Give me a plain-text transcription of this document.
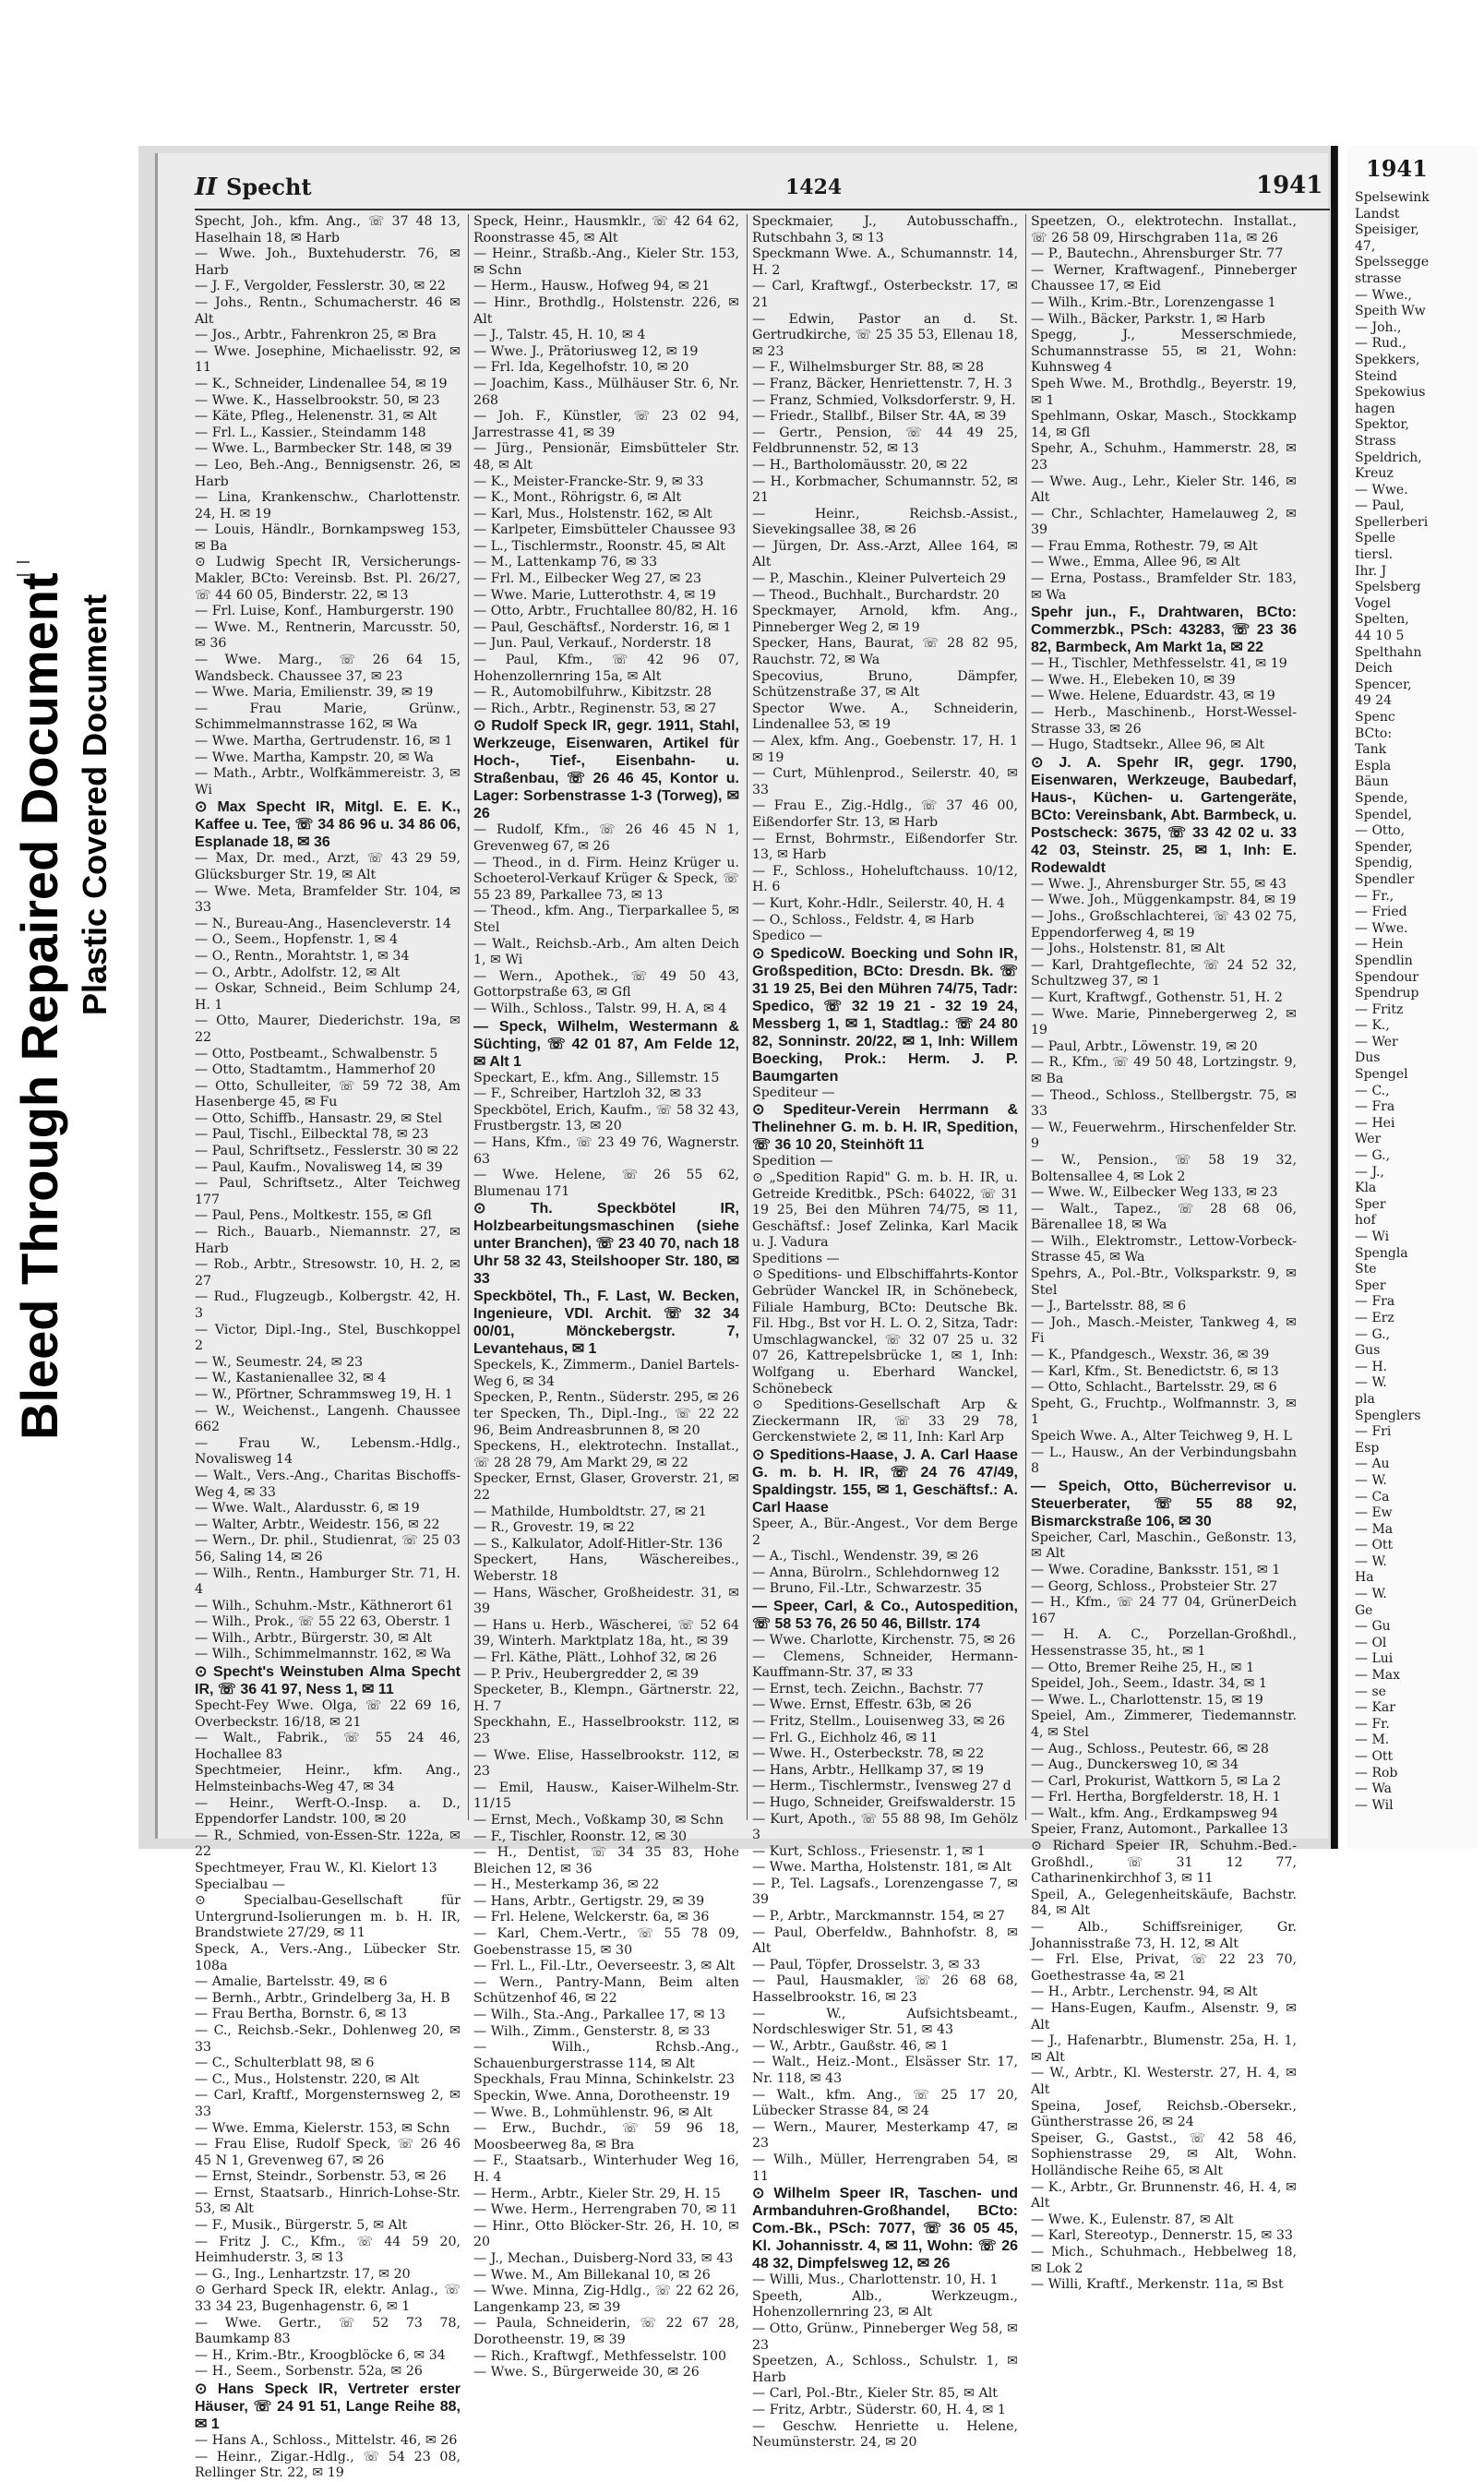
Bleed Through Repaired Document Plastic Covered Document
II Specht	1424	1941

Specht, Joh., kfm. Ang., ☏ 37 48 13, Haselhain 18, ✉ Harb

— Wwe. Joh., Buxtehuderstr. 76, ✉ Harb

— J. F., Vergolder, Fesslerstr. 30, ✉ 22

— Johs., Rentn., Schumacherstr. 46 ✉ Alt

— Jos., Arbtr., Fahrenkron 25, ✉ Bra

— Wwe. Josephine, Michaelisstr. 92, ✉ 11

— K., Schneider, Lindenallee 54, ✉ 19

— Wwe. K., Hasselbrookstr. 50, ✉ 23

— Käte, Pfleg., Helenenstr. 31, ✉ Alt

— Frl. L., Kassier., Steindamm 148

— Wwe. L., Barmbecker Str. 148, ✉ 39

— Leo, Beh.-Ang., Bennigsenstr. 26, ✉ Harb

— Lina, Krankenschw., Charlottenstr. 24, H. ✉ 19

— Louis, Händlr., Bornkampsweg 153, ✉ Ba

⊙ Ludwig Specht IR, Versicherungs-Makler, BCto: Vereinsb. Bst. Pl. 26/27, ☏ 44 60 05, Binderstr. 22, ✉ 13

— Frl. Luise, Konf., Hamburgerstr. 190

— Wwe. M., Rentnerin, Marcusstr. 50, ✉ 36

— Wwe. Marg., ☏ 26 64 15, Wandsbeck. Chaussee 37, ✉ 23

— Wwe. Maria, Emilienstr. 39, ✉ 19

— Frau Marie, Grünw., Schimmelmannstrasse 162, ✉ Wa

— Wwe. Martha, Gertrudenstr. 16, ✉ 1

— Wwe. Martha, Kampstr. 20, ✉ Wa

— Math., Arbtr., Wolfkämmereistr. 3, ✉ Wi

⊙ Max Specht IR, Mitgl. E. E. K., Kaffee u. Tee, ☏ 34 86 96 u. 34 86 06, Esplanade 18, ✉ 36

— Max, Dr. med., Arzt, ☏ 43 29 59, Glücksburger Str. 19, ✉ Alt

— Wwe. Meta, Bramfelder Str. 104, ✉ 33

— N., Bureau-Ang., Hasencleverstr. 14

— O., Seem., Hopfenstr. 1, ✉ 4

— O., Rentn., Morahtstr. 1, ✉ 34

— O., Arbtr., Adolfstr. 12, ✉ Alt

— Oskar, Schneid., Beim Schlump 24, H. 1

— Otto, Maurer, Diederichstr. 19a, ✉ 22

— Otto, Postbeamt., Schwalbenstr. 5

— Otto, Stadtamtm., Hammerhof 20

— Otto, Schulleiter, ☏ 59 72 38, Am Hasenberge 45, ✉ Fu

— Otto, Schiffb., Hansastr. 29, ✉ Stel

— Paul, Tischl., Eilbecktal 78, ✉ 23

— Paul, Schriftsetz., Fesslerstr. 30 ✉ 22

— Paul, Kaufm., Novalisweg 14, ✉ 39

— Paul, Schriftsetz., Alter Teichweg 177

— Paul, Pens., Moltkestr. 155, ✉ Gfl

— Rich., Bauarb., Niemannstr. 27, ✉ Harb

— Rob., Arbtr., Stresowstr. 10, H. 2, ✉ 27

— Rud., Flugzeugb., Kolbergstr. 42, H. 3

— Victor, Dipl.-Ing., Stel, Buschkoppel 2

— W., Seumestr. 24, ✉ 23

— W., Kastanienallee 32, ✉ 4

— W., Pförtner, Schrammsweg 19, H. 1

— W., Weichenst., Langenh. Chaussee 662

— Frau W., Lebensm.-Hdlg., Novalisweg 14

— Walt., Vers.-Ang., Charitas Bischoffs-Weg 4, ✉ 33

— Wwe. Walt., Alardusstr. 6, ✉ 19

— Walter, Arbtr., Weidestr. 156, ✉ 22

— Wern., Dr. phil., Studienrat, ☏ 25 03 56, Saling 14, ✉ 26

— Wilh., Rentn., Hamburger Str. 71, H. 4

— Wilh., Schuhm.-Mstr., Käthnerort 61

— Wilh., Prok., ☏ 55 22 63, Oberstr. 1

— Wilh., Arbtr., Bürgerstr. 30, ✉ Alt

— Wilh., Schimmelmannstr. 162, ✉ Wa

⊙ Specht's Weinstuben Alma Specht IR, ☏ 36 41 97, Ness 1, ✉ 11

Specht-Fey Wwe. Olga, ☏ 22 69 16, Overbeckstr. 16/18, ✉ 21

— Walt., Fabrik., ☏ 55 24 46, Hochallee 83

Spechtmeier, Heinr., kfm. Ang., Helmsteinbachs-Weg 47, ✉ 34

— Heinr., Werft-O.-Insp. a. D., Eppendorfer Landstr. 100, ✉ 20

— R., Schmied, von-Essen-Str. 122a, ✉ 22

Spechtmeyer, Frau W., Kl. Kielort 13

Specialbau —

⊙ Specialbau-Gesellschaft für Untergrund-Isolierungen m. b. H. IR, Brandstwiete 27/29, ✉ 11

Speck, A., Vers.-Ang., Lübecker Str. 108a

— Amalie, Bartelsstr. 49, ✉ 6

— Bernh., Arbtr., Grindelberg 3a, H. B

— Frau Bertha, Bornstr. 6, ✉ 13

— C., Reichsb.-Sekr., Dohlenweg 20, ✉ 33

— C., Schulterblatt 98, ✉ 6

— C., Mus., Holstenstr. 220, ✉ Alt

— Carl, Kraftf., Morgensternsweg 2, ✉ 33

— Wwe. Emma, Kielerstr. 153, ✉ Schn

— Frau Elise, Rudolf Speck, ☏ 26 46 45 N 1, Grevenweg 67, ✉ 26

— Ernst, Steindr., Sorbenstr. 53, ✉ 26

— Ernst, Staatsarb., Hinrich-Lohse-Str. 53, ✉ Alt

— F., Musik., Bürgerstr. 5, ✉ Alt

— Fritz J. C., Kfm., ☏ 44 59 20, Heimhuderstr. 3, ✉ 13

— G., Ing., Lenhartzstr. 17, ✉ 20

⊙ Gerhard Speck IR, elektr. Anlag., ☏ 33 34 23, Bugenhagenstr. 6, ✉ 1

— Wwe. Gertr., ☏ 52 73 78, Baumkamp 83

— H., Krim.-Btr., Kroogblöcke 6, ✉ 34

— H., Seem., Sorbenstr. 52a, ✉ 26

⊙ Hans Speck IR, Vertreter erster Häuser, ☏ 24 91 51, Lange Reihe 88, ✉ 1

— Hans A., Schloss., Mittelstr. 46, ✉ 26

— Heinr., Zigar.-Hdlg., ☏ 54 23 08, Rellinger Str. 22, ✉ 19

Speck, Heinr., Hausmklr., ☏ 42 64 62, Roonstrasse 45, ✉ Alt

— Heinr., Straßb.-Ang., Kieler Str. 153, ✉ Schn

— Herm., Hausw., Hofweg 94, ✉ 21

— Hinr., Brothdlg., Holstenstr. 226, ✉ Alt

— J., Talstr. 45, H. 10, ✉ 4

— Wwe. J., Prätoriusweg 12, ✉ 19

— Frl. Ida, Kegelhofstr. 10, ✉ 20

— Joachim, Kass., Mülhäuser Str. 6, Nr. 268

— Joh. F., Künstler, ☏ 23 02 94, Jarrestrasse 41, ✉ 39

— Jürg., Pensionär, Eimsbütteler Str. 48, ✉ Alt

— K., Meister-Francke-Str. 9, ✉ 33

— K., Mont., Röhrigstr. 6, ✉ Alt

— Karl, Mus., Holstenstr. 162, ✉ Alt

— Karlpeter, Eimsbütteler Chaussee 93

— L., Tischlermstr., Roonstr. 45, ✉ Alt

— M., Lattenkamp 76, ✉ 33

— Frl. M., Eilbecker Weg 27, ✉ 23

— Wwe. Marie, Lutterothstr. 4, ✉ 19

— Otto, Arbtr., Fruchtallee 80/82, H. 16

— Paul, Geschäftsf., Norderstr. 16, ✉ 1

— Jun. Paul, Verkauf., Norderstr. 18

— Paul, Kfm., ☏ 42 96 07, Hohenzollernring 15a, ✉ Alt

— R., Automobilfuhrw., Kibitzstr. 28

— Rich., Arbtr., Reginenstr. 53, ✉ 27

⊙ Rudolf Speck IR, gegr. 1911, Stahl, Werkzeuge, Eisenwaren, Artikel für Hoch-, Tief-, Eisenbahn- u. Straßenbau, ☏ 26 46 45, Kontor u. Lager: Sorbenstrasse 1-3 (Torweg), ✉ 26

— Rudolf, Kfm., ☏ 26 46 45 N 1, Grevenweg 67, ✉ 26

— Theod., in d. Firm. Heinz Krüger u. Schoeterol-Verkauf Krüger & Speck, ☏ 55 23 89, Parkallee 73, ✉ 13

— Theod., kfm. Ang., Tierparkallee 5, ✉ Stel

— Walt., Reichsb.-Arb., Am alten Deich 1, ✉ Wi

— Wern., Apothek., ☏ 49 50 43, Gottorpstraße 63, ✉ Gfl

— Wilh., Schloss., Talstr. 99, H. A, ✉ 4

— Speck, Wilhelm, Westermann & Süchting, ☏ 42 01 87, Am Felde 12, ✉ Alt 1

Speckart, E., kfm. Ang., Sillemstr. 15

— F., Schreiber, Hartzloh 32, ✉ 33

Speckbötel, Erich, Kaufm., ☏ 58 32 43, Frustbergstr. 13, ✉ 20

— Hans, Kfm., ☏ 23 49 76, Wagnerstr. 63

— Wwe. Helene, ☏ 26 55 62, Blumenau 171

⊙ Th. Speckbötel IR, Holzbearbeitungsmaschinen (siehe unter Branchen), ☏ 23 40 70, nach 18 Uhr 58 32 43, Steilshooper Str. 180, ✉ 33

Speckbötel, Th., F. Last, W. Becken, Ingenieure, VDI. Archit. ☏ 32 34 00/01, Mönckebergstr. 7, Levantehaus, ✉ 1

Speckels, K., Zimmerm., Daniel Bartels-Weg 6, ✉ 34

Specken, P., Rentn., Süderstr. 295, ✉ 26

ter Specken, Th., Dipl.-Ing., ☏ 22 22 96, Beim Andreasbrunnen 8, ✉ 20

Speckens, H., elektrotechn. Installat., ☏ 28 28 79, Am Markt 29, ✉ 22

Specker, Ernst, Glaser, Groverstr. 21, ✉ 22

— Mathilde, Humboldtstr. 27, ✉ 21

— R., Grovestr. 19, ✉ 22

— S., Kalkulator, Adolf-Hitler-Str. 136

Speckert, Hans, Wäschereibes., Weberstr. 18

— Hans, Wäscher, Großheidestr. 31, ✉ 39

— Hans u. Herb., Wäscherei, ☏ 52 64 39, Winterh. Marktplatz 18a, ht., ✉ 39

— Frl. Käthe, Plätt., Lohhof 32, ✉ 26

— P. Priv., Heubergredder 2, ✉ 39

Specketer, B., Klempn., Gärtnerstr. 22, H. 7

Speckhahn, E., Hasselbrookstr. 112, ✉ 23

— Wwe. Elise, Hasselbrookstr. 112, ✉ 23

— Emil, Hausw., Kaiser-Wilhelm-Str. 11/15

— Ernst, Mech., Voßkamp 30, ✉ Schn

— F., Tischler, Roonstr. 12, ✉ 30

— H., Dentist, ☏ 34 35 83, Hohe Bleichen 12, ✉ 36

— H., Mesterkamp 36, ✉ 22

— Hans, Arbtr., Gertigstr. 29, ✉ 39

— Frl. Helene, Welckerstr. 6a, ✉ 36

— Karl, Chem.-Vertr., ☏ 55 78 09, Goebenstrasse 15, ✉ 30

— Frl. L., Fil.-Ltr., Oeverseestr. 3, ✉ Alt

— Wern., Pantry-Mann, Beim alten Schützenhof 46, ✉ 22

— Wilh., Sta.-Ang., Parkallee 17, ✉ 13

— Wilh., Zimm., Gensterstr. 8, ✉ 33

— Wilh., Rchsb.-Ang., Schauenburgerstrasse 114, ✉ Alt

Speckhals, Frau Minna, Schinkelstr. 23

Speckin, Wwe. Anna, Dorotheenstr. 19

— Wwe. B., Lohmühlenstr. 96, ✉ Alt

— Erw., Buchdr., ☏ 59 96 18, Moosbeerweg 8a, ✉ Bra

— F., Staatsarb., Winterhuder Weg 16, H. 4

— Herm., Arbtr., Kieler Str. 29, H. 15

— Wwe. Herm., Herrengraben 70, ✉ 11

— Hinr., Otto Blöcker-Str. 26, H. 10, ✉ 20

— J., Mechan., Duisberg-Nord 33, ✉ 43

— Wwe. M., Am Billekanal 10, ✉ 26

— Wwe. Minna, Zig-Hdlg., ☏ 22 62 26, Langenkamp 23, ✉ 39

— Paula, Schneiderin, ☏ 22 67 28, Dorotheenstr. 19, ✉ 39

— Rich., Kraftwgf., Methfesselstr. 100

— Wwe. S., Bürgerweide 30, ✉ 26

Speckmaier, J., Autobusschaffn., Rutschbahn 3, ✉ 13

Speckmann Wwe. A., Schumannstr. 14, H. 2

— Carl, Kraftwgf., Osterbeckstr. 17, ✉ 21

— Edwin, Pastor an d. St. Gertrudkirche, ☏ 25 35 53, Ellenau 18, ✉ 23

— F., Wilhelmsburger Str. 88, ✉ 28

— Franz, Bäcker, Henriettenstr. 7, H. 3

— Franz, Schmied, Volksdorferstr. 9, H.

— Friedr., Stallbf., Bilser Str. 4A, ✉ 39

— Gertr., Pension, ☏ 44 49 25, Feldbrunnenstr. 52, ✉ 13

— H., Bartholomäusstr. 20, ✉ 22

— H., Korbmacher, Schumannstr. 52, ✉ 21

— Heinr., Reichsb.-Assist., Sievekingsallee 38, ✉ 26

— Jürgen, Dr. Ass.-Arzt, Allee 164, ✉ Alt

— P., Maschin., Kleiner Pulverteich 29

— Theod., Buchhalt., Burchardstr. 20

Speckmayer, Arnold, kfm. Ang., Pinneberger Weg 2, ✉ 19

Specker, Hans, Baurat, ☏ 28 82 95, Rauchstr. 72, ✉ Wa

Specovius, Bruno, Dämpfer, Schützenstraße 37, ✉ Alt

Spector Wwe. A., Schneiderin, Lindenallee 53, ✉ 19

— Alex, kfm. Ang., Goebenstr. 17, H. 1 ✉ 19

— Curt, Mühlenprod., Seilerstr. 40, ✉ 33

— Frau E., Zig.-Hdlg., ☏ 37 46 00, Eißendorfer Str. 13, ✉ Harb

— Ernst, Bohrmstr., Eißendorfer Str. 13, ✉ Harb

— F., Schloss., Hoheluftchauss. 10/12, H. 6

— Kurt, Kohr.-Hdlr., Seilerstr. 40, H. 4

— O., Schloss., Feldstr. 4, ✉ Harb

Spedico —

⊙ SpedicoW. Boecking und Sohn IR, Großspedition, BCto: Dresdn. Bk. ☏ 31 19 25, Bei den Mühren 74/75, Tadr: Spedico, ☏ 32 19 21 - 32 19 24, Messberg 1, ✉ 1, Stadtlag.: ☏ 24 80 82, Sonninstr. 20/22, ✉ 1, Inh: Willem Boecking, Prok.: Herm. J. P. Baumgarten

Spediteur —

⊙ Spediteur-Verein Herrmann & Thelinehner G. m. b. H. IR, Spedition, ☏ 36 10 20, Steinhöft 11

Spedition —

⊙ „Spedition Rapid" G. m. b. H. IR, u. Getreide Kreditbk., PSch: 64022, ☏ 31 19 25, Bei den Mühren 74/75, ✉ 11, Geschäftsf.: Josef Zelinka, Karl Macik u. J. Vadura

Speditions —

⊙ Speditions- und Elbschiffahrts-Kontor Gebrüder Wanckel IR, in Schönebeck, Filiale Hamburg, BCto: Deutsche Bk. Fil. Hbg., Bst vor H. L. O. 2, Sitza, Tadr: Umschlagwanckel, ☏ 32 07 25 u. 32 07 26, Kattrepelsbrücke 1, ✉ 1, Inh: Wolfgang u. Eberhard Wanckel, Schönebeck

⊙ Speditions-Gesellschaft Arp & Zieckermann IR, ☏ 33 29 78, Gerckenstwiete 2, ✉ 11, Inh: Karl Arp

⊙ Speditions-Haase, J. A. Carl Haase G. m. b. H. IR, ☏ 24 76 47/49, Spaldingstr. 155, ✉ 1, Geschäftsf.: A. Carl Haase

Speer, A., Bür.-Angest., Vor dem Berge 2

— A., Tischl., Wendenstr. 39, ✉ 26

— Anna, Bürolrn., Schlehdornweg 12

— Bruno, Fil.-Ltr., Schwarzestr. 35

— Speer, Carl, & Co., Autospedition, ☏ 58 53 76, 26 50 46, Billstr. 174

— Wwe. Charlotte, Kirchenstr. 75, ✉ 26

— Clemens, Schneider, Hermann-Kauffmann-Str. 37, ✉ 33

— Ernst, tech. Zeichn., Bachstr. 77

— Wwe. Ernst, Effestr. 63b, ✉ 26

— Fritz, Stellm., Louisenweg 33, ✉ 26

— Frl. G., Eichholz 46, ✉ 11

— Wwe. H., Osterbeckstr. 78, ✉ 22

— Hans, Arbtr., Hellkamp 37, ✉ 19

— Herm., Tischlermstr., Ivensweg 27 d

— Hugo, Schneider, Greifswalderstr. 15

— Kurt, Apoth., ☏ 55 88 98, Im Gehölz 3

— Kurt, Schloss., Friesenstr. 1, ✉ 1

— Wwe. Martha, Holstenstr. 181, ✉ Alt

— P., Tel. Lagsafs., Lorenzengasse 7, ✉ 39

— P., Arbtr., Marckmannstr. 154, ✉ 27

— Paul, Oberfeldw., Bahnhofstr. 8, ✉ Alt

— Paul, Töpfer, Drosselstr. 3, ✉ 33

— Paul, Hausmakler, ☏ 26 68 68, Hasselbrookstr. 16, ✉ 23

— W., Aufsichtsbeamt., Nordschleswiger Str. 51, ✉ 43

— W., Arbtr., Gaußstr. 46, ✉ 1

— Walt., Heiz.-Mont., Elsässer Str. 17, Nr. 118, ✉ 43

— Walt., kfm. Ang., ☏ 25 17 20, Lübecker Strasse 84, ✉ 24

— Wern., Maurer, Mesterkamp 47, ✉ 23

— Wilh., Müller, Herrengraben 54, ✉ 11

⊙ Wilhelm Speer IR, Taschen- und Armbanduhren-Großhandel, BCto: Com.-Bk., PSch: 7077, ☏ 36 05 45, Kl. Johannisstr. 4, ✉ 11, Wohn: ☏ 26 48 32, Dimpfelsweg 12, ✉ 26

— Willi, Mus., Charlottenstr. 10, H. 1

Speeth, Alb., Werkzeugm., Hohenzollernring 23, ✉ Alt

— Otto, Grünw., Pinneberger Weg 58, ✉ 23

Speetzen, A., Schloss., Schulstr. 1, ✉ Harb

— Carl, Pol.-Btr., Kieler Str. 85, ✉ Alt

— Fritz, Arbtr., Süderstr. 60, H. 4, ✉ 1

— Geschw. Henriette u. Helene, Neumünsterstr. 24, ✉ 20

Speetzen, O., elektrotechn. Installat., ☏ 26 58 09, Hirschgraben 11a, ✉ 26

— P., Bautechn., Ahrensburger Str. 77

— Werner, Kraftwagenf., Pinneberger Chaussee 17, ✉ Eid

— Wilh., Krim.-Btr., Lorenzengasse 1

— Wilh., Bäcker, Parkstr. 1, ✉ Harb

Spegg, J., Messerschmiede, Schumannstrasse 55, ✉ 21, Wohn: Kuhnsweg 4

Speh Wwe. M., Brothdlg., Beyerstr. 19, ✉ 1

Spehlmann, Oskar, Masch., Stockkamp 14, ✉ Gfl

Spehr, A., Schuhm., Hammerstr. 28, ✉ 23

— Wwe. Aug., Lehr., Kieler Str. 146, ✉ Alt

— Chr., Schlachter, Hamelauweg 2, ✉ 39

— Frau Emma, Rothestr. 79, ✉ Alt

— Wwe., Emma, Allee 96, ✉ Alt

— Erna, Postass., Bramfelder Str. 183, ✉ Wa

Spehr jun., F., Drahtwaren, BCto: Commerzbk., PSch: 43283, ☏ 23 36 82, Barmbeck, Am Markt 1a, ✉ 22

— H., Tischler, Methfesselstr. 41, ✉ 19

— Wwe. H., Elebeken 10, ✉ 39

— Wwe. Helene, Eduardstr. 43, ✉ 19

— Herb., Maschinenb., Horst-Wessel-Strasse 33, ✉ 26

— Hugo, Stadtsekr., Allee 96, ✉ Alt

⊙ J. A. Spehr IR, gegr. 1790, Eisenwaren, Werkzeuge, Baubedarf, Haus-, Küchen- u. Gartengeräte, BCto: Vereinsbank, Abt. Barmbeck, u. Postscheck: 3675, ☏ 33 42 02 u. 33 42 03, Steinstr. 25, ✉ 1, Inh: E. Rodewaldt

— Wwe. J., Ahrensburger Str. 55, ✉ 43

— Wwe. Joh., Müggenkampstr. 84, ✉ 19

— Johs., Großschlachterei, ☏ 43 02 75, Eppendorferweg 4, ✉ 19

— Johs., Holstenstr. 81, ✉ Alt

— Karl, Drahtgeflechte, ☏ 24 52 32, Schultzweg 37, ✉ 1

— Kurt, Kraftwgf., Gothenstr. 51, H. 2

— Wwe. Marie, Pinnebergerweg 2, ✉ 19

— Paul, Arbtr., Löwenstr. 19, ✉ 20

— R., Kfm., ☏ 49 50 48, Lortzingstr. 9, ✉ Ba

— Theod., Schloss., Stellbergstr. 75, ✉ 33

— W., Feuerwehrm., Hirschenfelder Str. 9

— W., Pension., ☏ 58 19 32, Boltensallee 4, ✉ Lok 2

— Wwe. W., Eilbecker Weg 133, ✉ 23

— Walt., Tapez., ☏ 28 68 06, Bärenallee 18, ✉ Wa

— Wilh., Elektromstr., Lettow-Vorbeck-Strasse 45, ✉ Wa

Spehrs, A., Pol.-Btr., Volksparkstr. 9, ✉ Stel

— J., Bartelsstr. 88, ✉ 6

— Joh., Masch.-Meister, Tankweg 4, ✉ Fi

— K., Pfandgesch., Wexstr. 36, ✉ 39

— Karl, Kfm., St. Benedictstr. 6, ✉ 13

— Otto, Schlacht., Bartelsstr. 29, ✉ 6

Speht, G., Fruchtp., Wolfmannstr. 3, ✉ 1

Speich Wwe. A., Alter Teichweg 9, H. L

— L., Hausw., An der Verbindungsbahn 8

— Speich, Otto, Bücherrevisor u. Steuerberater, ☏ 55 88 92, Bismarckstraße 106, ✉ 30

Speicher, Carl, Maschin., Geßonstr. 13, ✉ Alt

— Wwe. Coradine, Banksstr. 151, ✉ 1

— Georg, Schloss., Probsteier Str. 27

— H., Kfm., ☏ 24 77 04, GrünerDeich 167

— H. A. C., Porzellan-Großhdl., Hessenstrasse 35, ht., ✉ 1

— Otto, Bremer Reihe 25, H., ✉ 1

Speidel, Joh., Seem., Idastr. 34, ✉ 1

— Wwe. L., Charlottenstr. 15, ✉ 19

Speiel, Am., Zimmerer, Tiedemannstr. 4, ✉ Stel

— Aug., Schloss., Peutestr. 66, ✉ 28

— Aug., Dunckersweg 10, ✉ 34

— Carl, Prokurist, Wattkorn 5, ✉ La 2

— Frl. Hertha, Borgfelderstr. 18, H. 1

— Walt., kfm. Ang., Erdkampsweg 94

Speier, Franz, Automont., Parkallee 13

⊙ Richard Speier IR, Schuhm.-Bed.-Großhdl., ☏ 31 12 77, Catharinenkirchhof 3, ✉ 11

Speil, A., Gelegenheitskäufe, Bachstr. 84, ✉ Alt

— Alb., Schiffsreiniger, Gr. Johannisstraße 73, H. 12, ✉ Alt

— Frl. Else, Privat, ☏ 22 23 70, Goethestrasse 4a, ✉ 21

— H., Arbtr., Lerchenstr. 94, ✉ Alt

— Hans-Eugen, Kaufm., Alsenstr. 9, ✉ Alt

— J., Hafenarbtr., Blumenstr. 25a, H. 1, ✉ Alt

— W., Arbtr., Kl. Westerstr. 27, H. 4, ✉ Alt

Speina, Josef, Reichsb.-Obersekr., Güntherstrasse 26, ✉ 24

Speiser, G., Gastst., ☏ 42 58 46, Sophienstrasse 29, ✉ Alt, Wohn. Holländische Reihe 65, ✉ Alt

— K., Arbtr., Gr. Brunnenstr. 46, H. 4, ✉ Alt

— Wwe. K., Eulenstr. 87, ✉ Alt

— Karl, Stereotyp., Dennerstr. 15, ✉ 33

— Mich., Schuhmach., Hebbelweg 18, ✉ Lok 2

— Willi, Kraftf., Merkenstr. 11a, ✉ Bst

1941
Spelsewink
Landst
Speisiger,
47,
Spelssegge
strasse
— Wwe.,
Speith Ww
— Joh.,
— Rud.,
Spekkers,
Steind
Spekowius
hagen
Spektor,
Strass
Speldrich,
Kreuz
— Wwe.
— Paul,
Spellerberi
Spelle
tiersl.
Ihr. J
Spelsberg
Vogel
Spelten,
44 10 5
Spelthahn
Deich
Spencer,
49 24
Spenc
BCto:
Tank
Espla
Bäun
Spende,
Spendel,
— Otto,
Spender,
Spendig,
Spendler
— Fr.,
— Fried
— Wwe.
— Hein
Spendlin
Spendour
Spendrup
— Fritz
— K.,
— Wer
Dus
Spengel
— C.,
— Fra
— Hei
Wer
— G.,
— J.,
Kla
Sper
hof
— Wi
Spengla
Ste
Sper
— Fra
— Erz
— G.,
Gus
— H.
— W.
pla
Spenglers
— Fri
Esp
— Au
— W.
— Ca
— Ew
— Ma
— Ott
— W.
Ha
— W.
Ge
— Gu
— Ol
— Lui
— Max
— se
— Kar
— Fr.
— M.
— Ott
— Rob
— Wa
— Wil
